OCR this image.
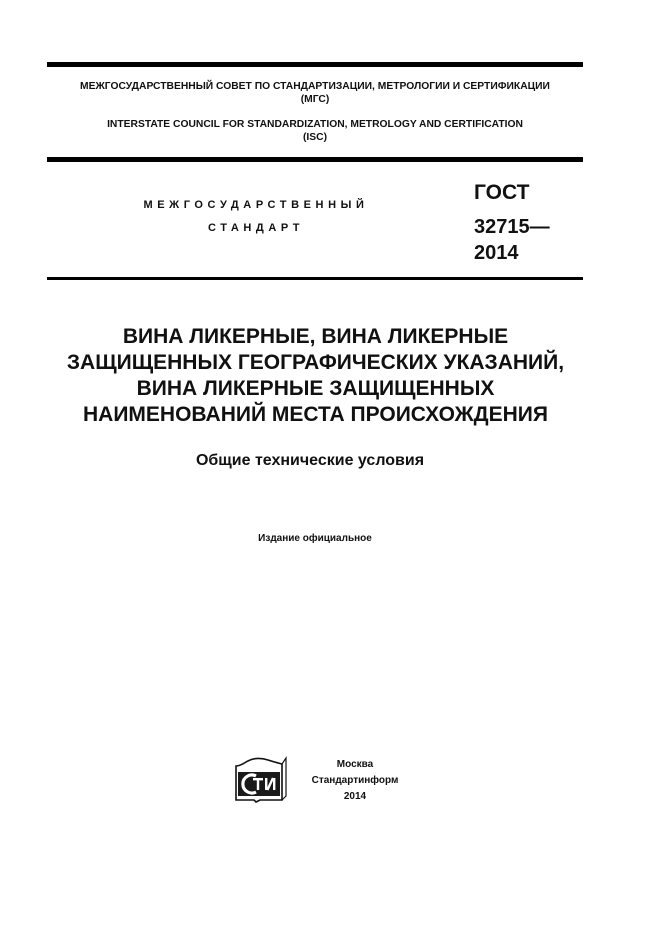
МЕЖГОСУДАРСТВЕННЫЙ СОВЕТ ПО СТАНДАРТИЗАЦИИ, МЕТРОЛОГИИ И СЕРТИФИКАЦИИ
(МГС)
INTERSTATE COUNCIL FOR STANDARDIZATION, METROLOGY AND CERTIFICATION
(ISC)
МЕЖГОСУДАРСТВЕННЫЙ
СТАНДАРТ
ГОСТ
32715—
2014
ВИНА ЛИКЕРНЫЕ, ВИНА ЛИКЕРНЫЕ
ЗАЩИЩЕННЫХ ГЕОГРАФИЧЕСКИХ УКАЗАНИЙ,
ВИНА ЛИКЕРНЫЕ ЗАЩИЩЕННЫХ
НАИМЕНОВАНИЙ МЕСТА ПРОИСХОЖДЕНИЯ
Общие технические условия
Издание официальное
Москва
Стандартинформ
2014
